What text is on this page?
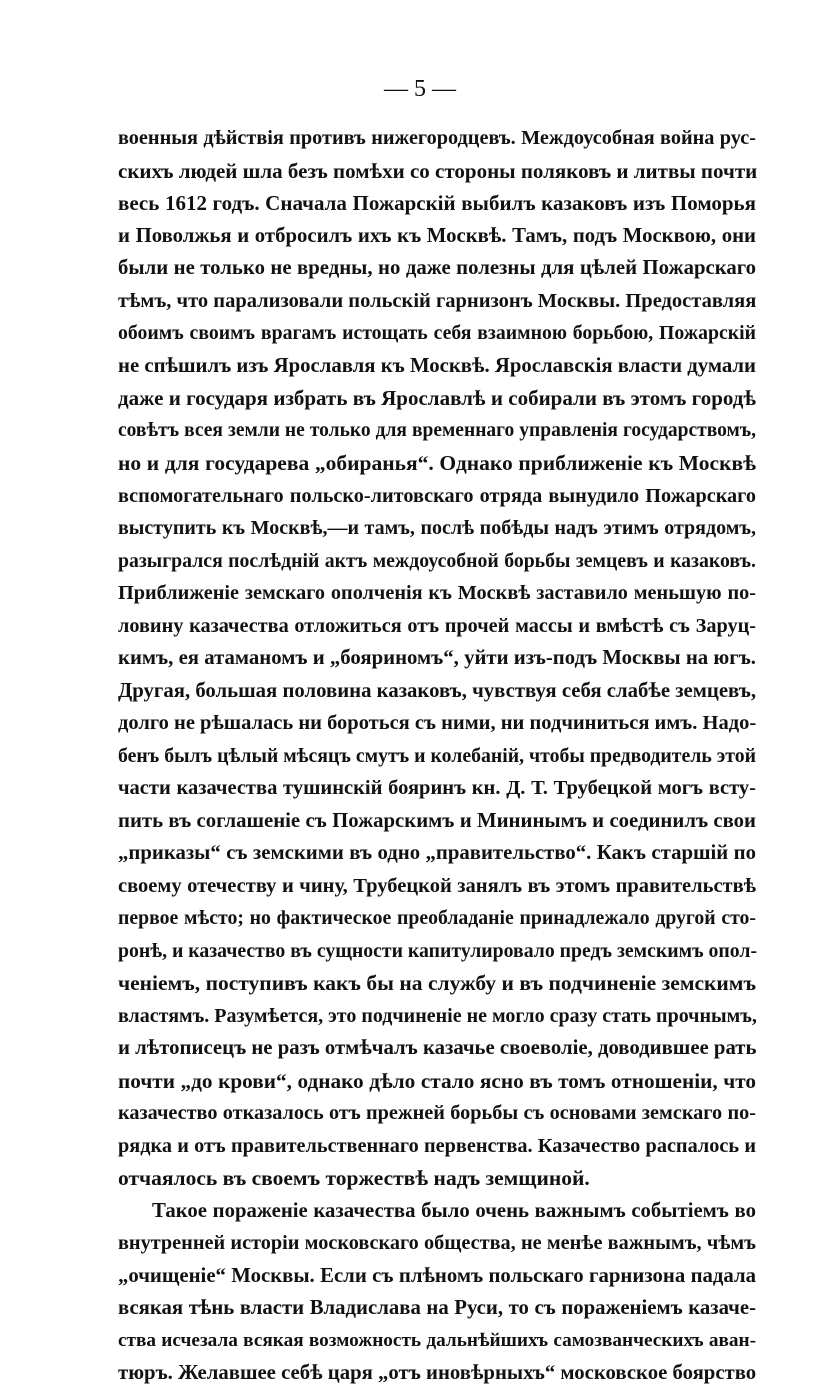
— 5 —
военныя дѣйствія противъ нижегородцевъ. Междоусобная война рус-
скихъ людей шла безъ помѣхи со стороны поляковъ и литвы почти
весь 1612 годъ. Сначала Пожарскій выбилъ казаковъ изъ Поморья
и Поволжья и отбросилъ ихъ къ Москвѣ. Тамъ, подъ Москвою, они
были не только не вредны, но даже полезны для цѣлей Пожарскаго
тѣмъ, что парализовали польскій гарнизонъ Москвы. Предоставляя
обоимъ своимъ врагамъ истощать себя взаимною борьбою, Пожарскій
не спѣшилъ изъ Ярославля къ Москвѣ. Ярославскія власти думали
даже и государя избрать въ Ярославлѣ и собирали въ этомъ городѣ
совѣтъ всея земли не только для временнаго управленія государствомъ,
но и для государева „обиранья“. Однако приближеніе къ Москвѣ
вспомогательнаго польско-литовскаго отряда вынудило Пожарскаго
выступить къ Москвѣ,—и тамъ, послѣ побѣды надъ этимъ отрядомъ,
разыгрался послѣдній актъ междоусобной борьбы земцевъ и казаковъ.
Приближеніе земскаго ополченія къ Москвѣ заставило меньшую по-
ловину казачества отложиться отъ прочей массы и вмѣстѣ съ Заруц-
кимъ, ея атаманомъ и „бояриномъ“, уйти изъ-подъ Москвы на югъ.
Другая, большая половина казаковъ, чувствуя себя слабѣе земцевъ,
долго не рѣшалась ни бороться съ ними, ни подчиниться имъ. Надо-
бенъ былъ цѣлый мѣсяцъ смутъ и колебаній, чтобы предводитель этой
части казачества тушинскій бояринъ кн. Д. Т. Трубецкой могъ всту-
пить въ соглашеніе съ Пожарскимъ и Мининымъ и соединилъ свои
„приказы“ съ земскими въ одно „правительство“. Какъ старшій по
своему отечеству и чину, Трубецкой занялъ въ этомъ правительствѣ
первое мѣсто; но фактическое преобладаніе принадлежало другой сто-
ронѣ, и казачество въ сущности капитулировало предъ земскимъ опол-
ченіемъ, поступивъ какъ бы на службу и въ подчиненіе земскимъ
властямъ. Разумѣется, это подчиненіе не могло сразу стать прочнымъ,
и лѣтописецъ не разъ отмѣчалъ казачье своеволіе, доводившее рать
почти „до крови“, однако дѣло стало ясно въ томъ отношеніи, что
казачество отказалось отъ прежней борьбы съ основами земскаго по-
рядка и отъ правительственнаго первенства. Казачество распалось и
отчаялось въ своемъ торжествѣ надъ земщиной.
Такое пораженіе казачества было очень важнымъ событіемъ во
внутренней исторіи московскаго общества, не менѣе важнымъ, чѣмъ
„очищеніе“ Москвы. Если съ плѣномъ польскаго гарнизона падала
всякая тѣнь власти Владислава на Руси, то съ пораженіемъ казаче-
ства исчезала всякая возможность дальнѣйшихъ самозванческихъ аван-
тюръ. Желавшее себѣ царя „отъ иновѣрныхъ“ московское боярство
